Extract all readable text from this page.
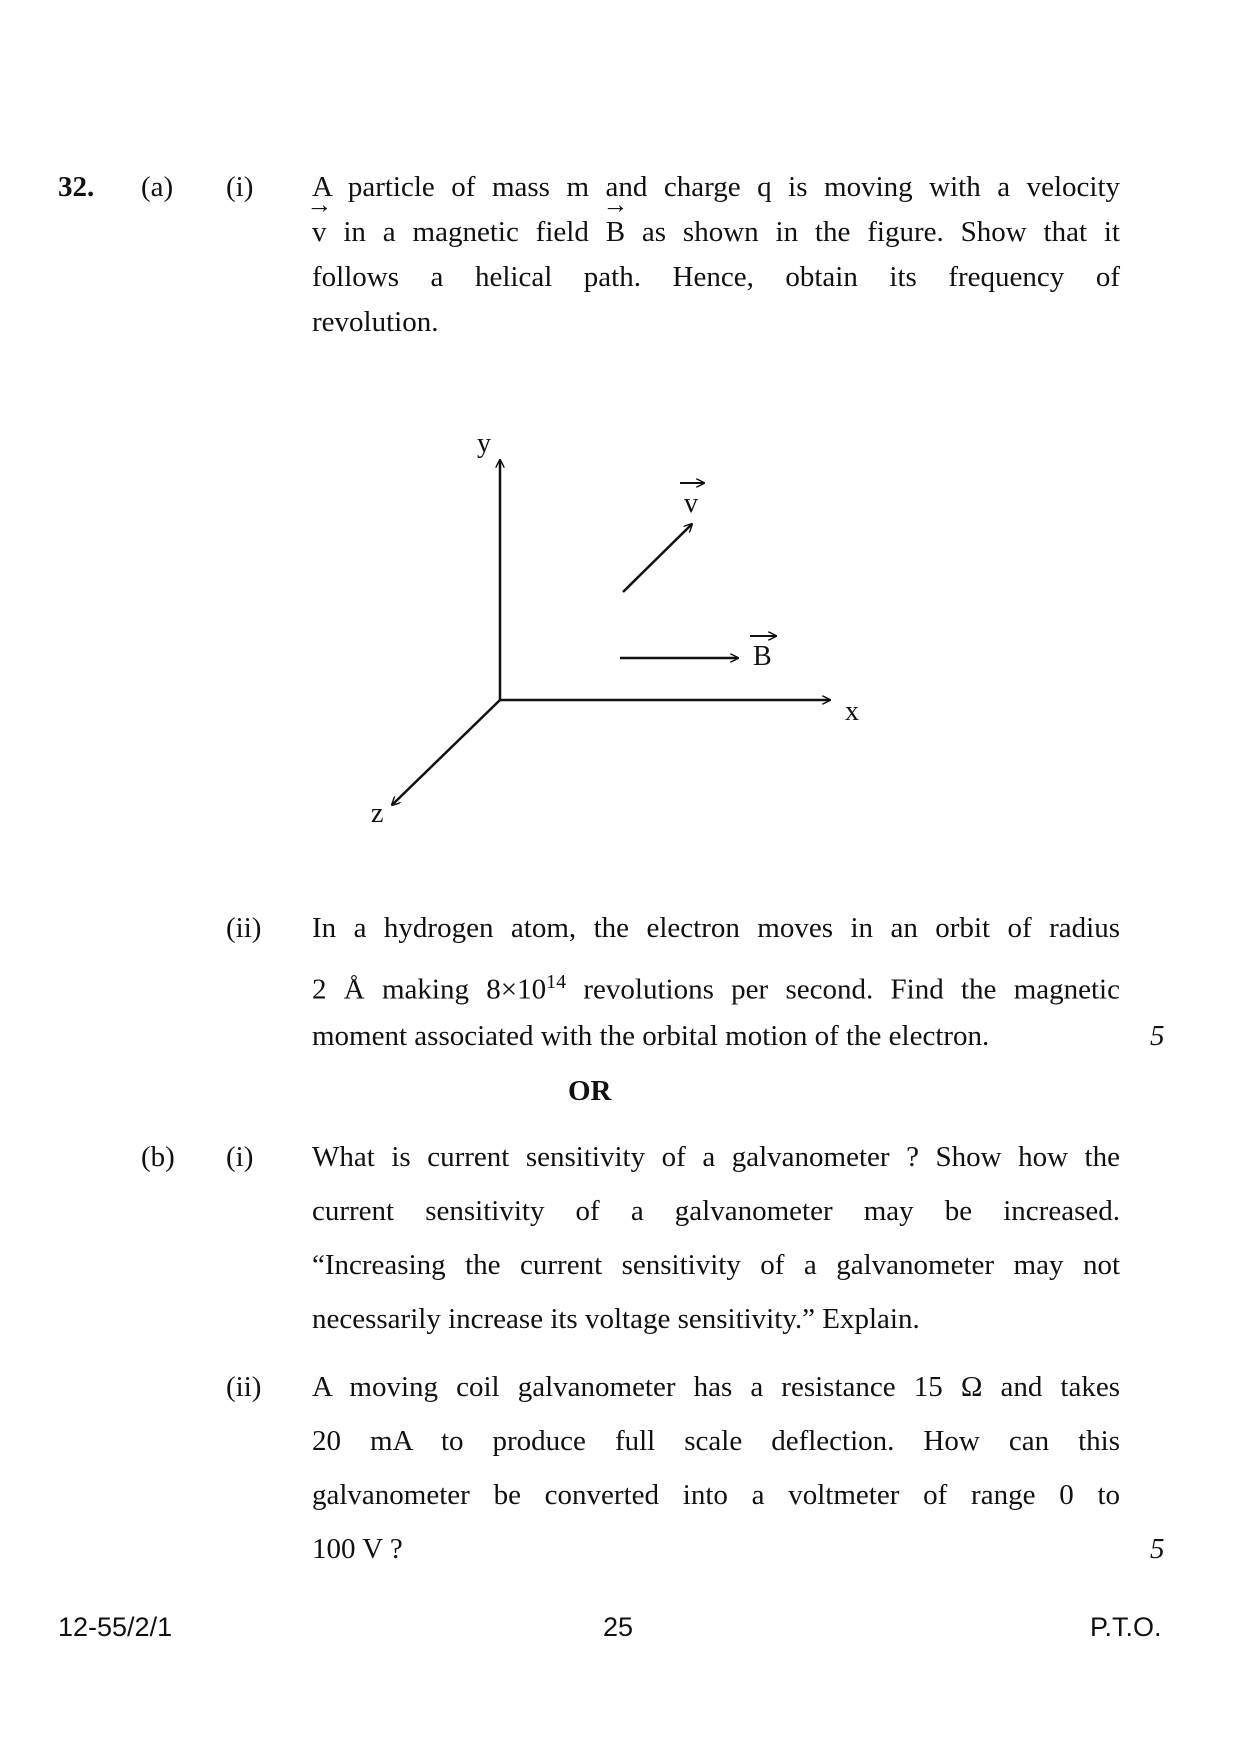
32. (a) (i) A particle of mass m and charge q is moving with a velocity
→ v in a magnetic field → B as shown in the figure. Show that it
follows a helical path. Hence, obtain its frequency of
revolution.
y
x
z
v
B
(ii) In a hydrogen atom, the electron moves in an orbit of radius
2 Å making $8\times 10^{14}$ revolutions per second. Find the magnetic
moment associated with the orbital motion of the electron.	5
OR
(b) (i) What is current sensitivity of a galvanometer ? Show how the
current sensitivity of a galvanometer may be increased.
“Increasing the current sensitivity of a galvanometer may not
necessarily increase its voltage sensitivity.” Explain.
(ii) A moving coil galvanometer has a resistance 15 Ω and takes
20 mA to produce full scale deflection. How can this
galvanometer be converted into a voltmeter of range 0 to
100 V ?	5
12-55/2/1	25	P.T.O.
